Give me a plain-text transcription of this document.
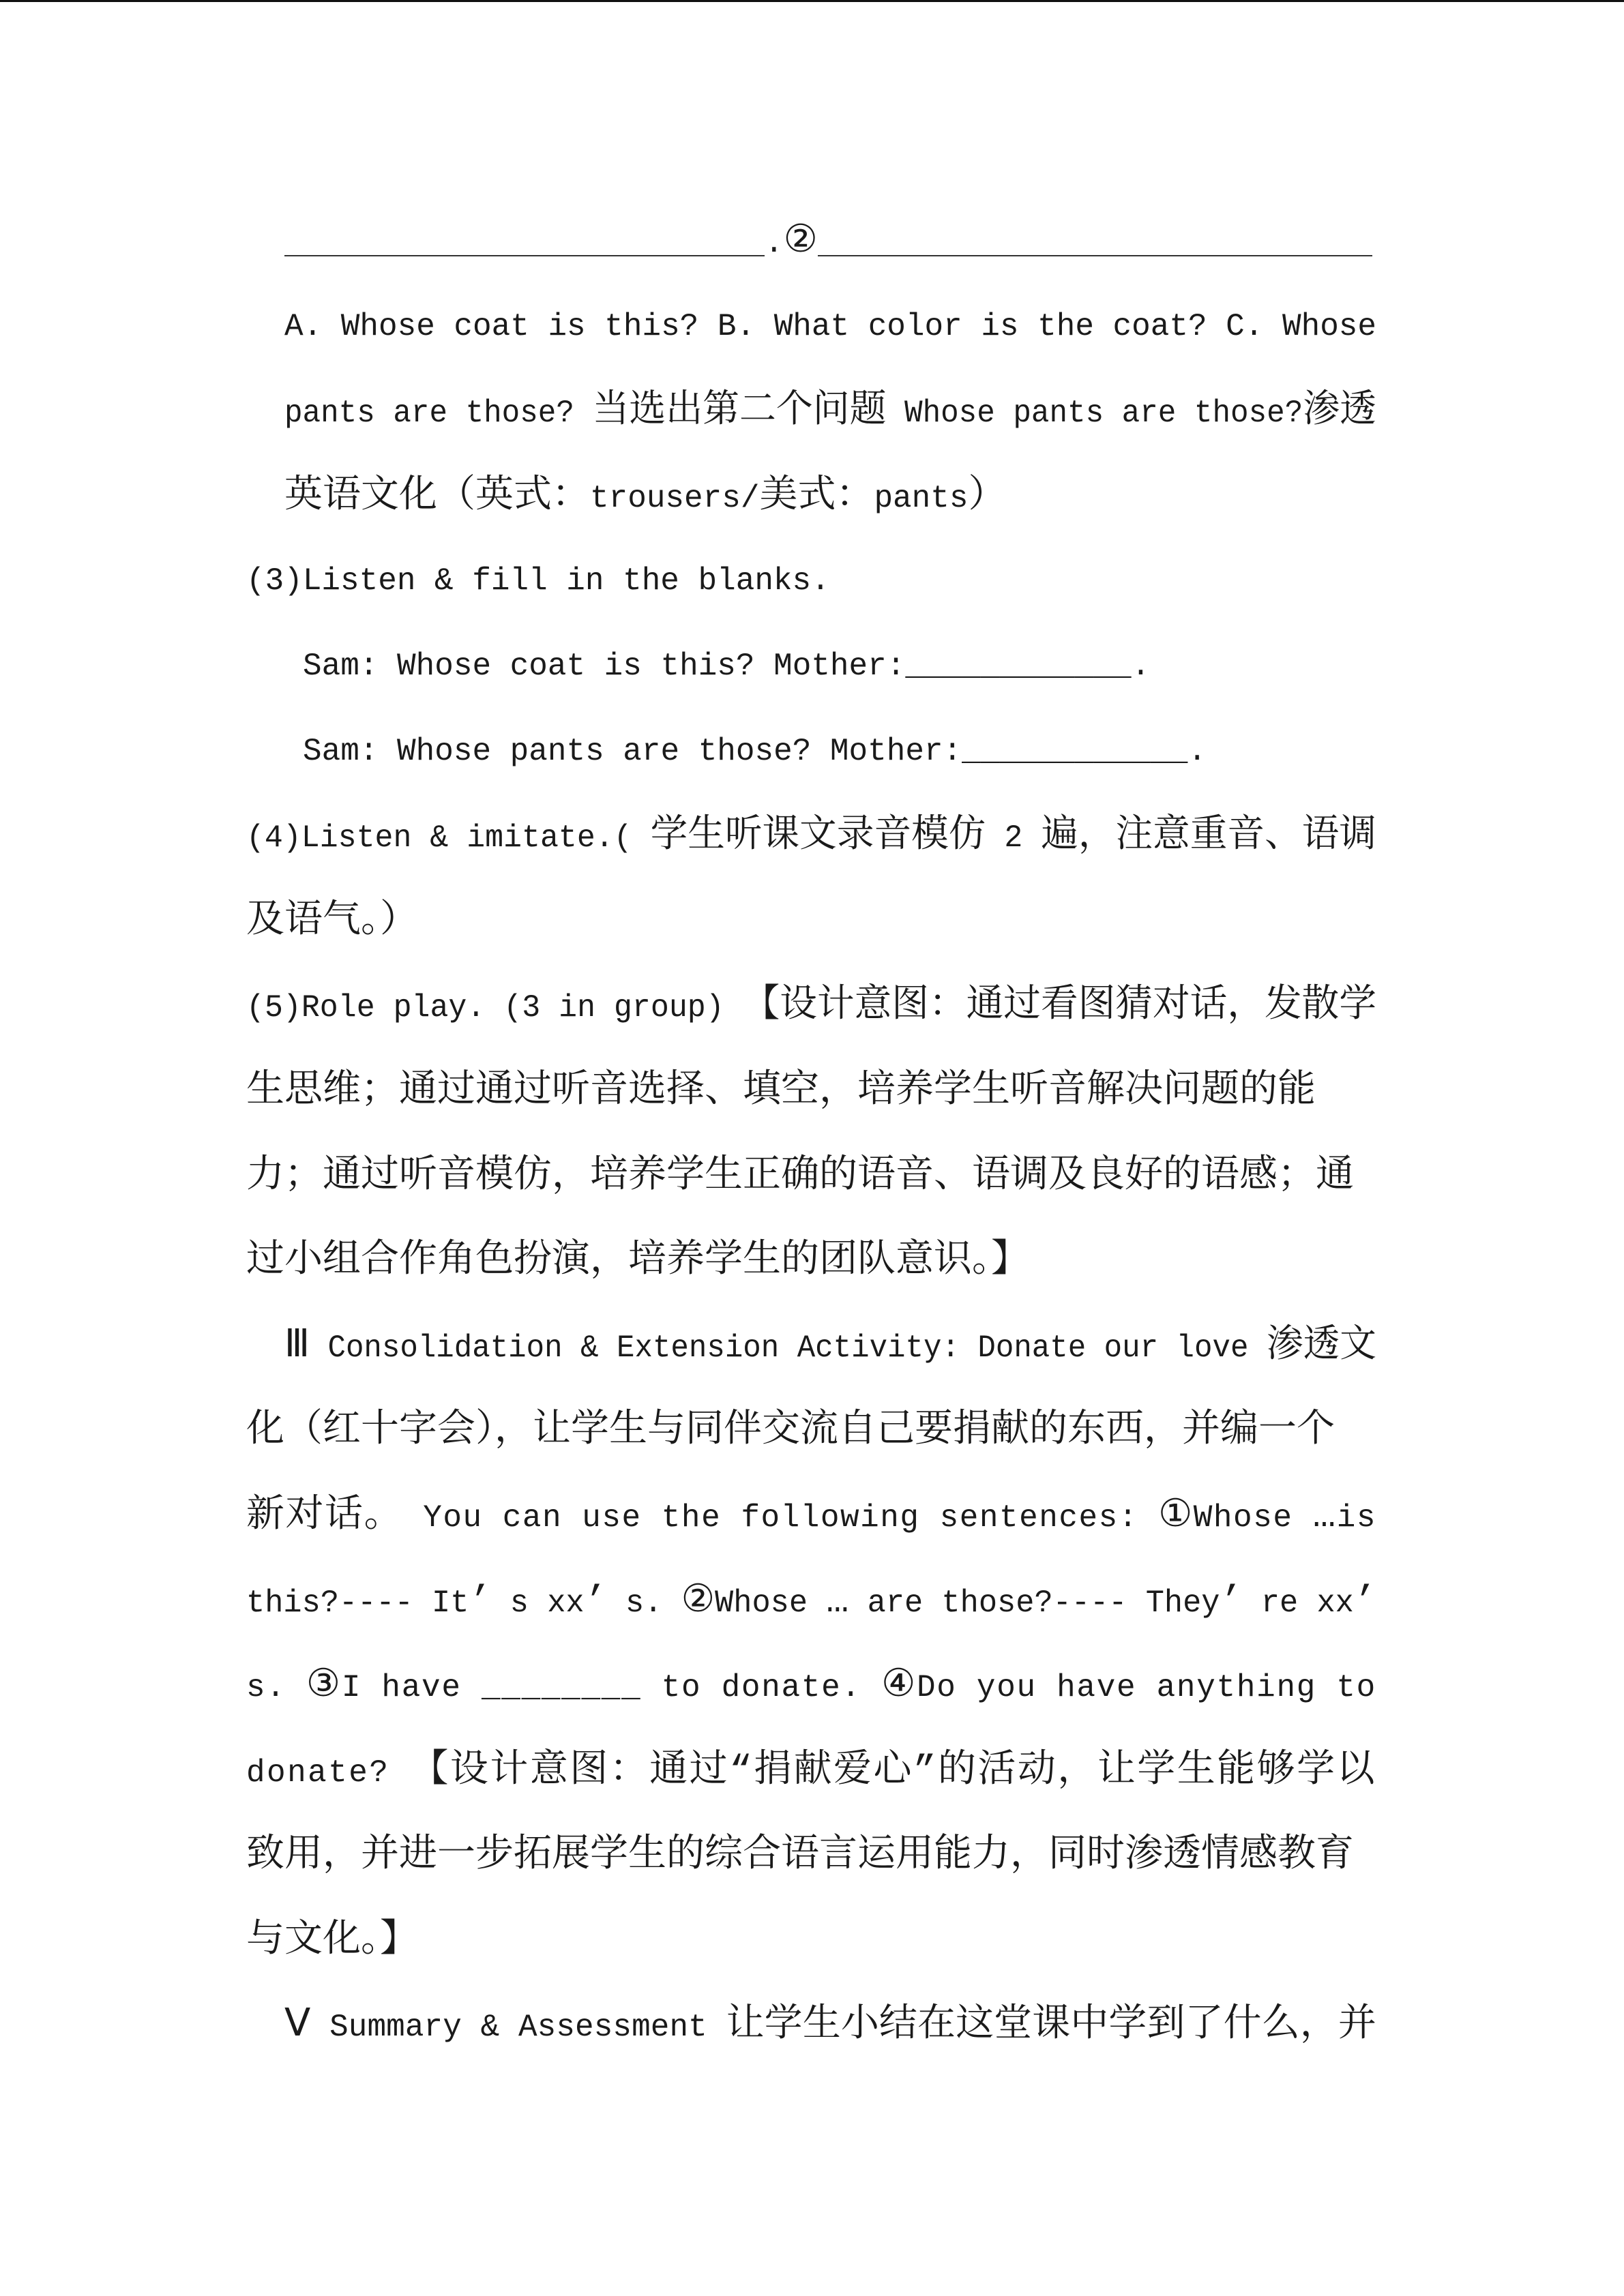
.②
A. Whose coat is this? B. What color is the coat? C. Whose
pants are those? 当选出第二个问题 Whose pants are those?渗透
英语文化（英式：trousers/美式：pants）
(3)Listen & fill in the blanks.
Sam: Whose coat is this? Mother:____________.
Sam: Whose pants are those? Mother:____________.
(4)Listen & imitate.( 学生听课文录音模仿 2 遍，注意重音、语调
及语气。）
(5)Role play. (3 in group) 【设计意图：通过看图猜对话，发散学
生思维；通过通过听音选择、填空，培养学生听音解决问题的能
力；通过听音模仿，培养学生正确的语音、语调及良好的语感；通
过小组合作角色扮演，培养学生的团队意识。】
Ⅲ Consolidation & Extension Activity: Donate our love 渗透文
化（红十字会），让学生与同伴交流自己要捐献的东西，并编一个
新对话。 You can use the following sentences: ①Whose …is
this?---- It’ s xx’ s. ②Whose … are those?---- They’ re xx’
s. ③I have ________ to donate. ④Do you have anything to
donate? 【设计意图：通过“捐献爱心”的活动，让学生能够学以
致用，并进一步拓展学生的综合语言运用能力，同时渗透情感教育
与文化。】
Ⅴ Summary & Assessment 让学生小结在这堂课中学到了什么，并
